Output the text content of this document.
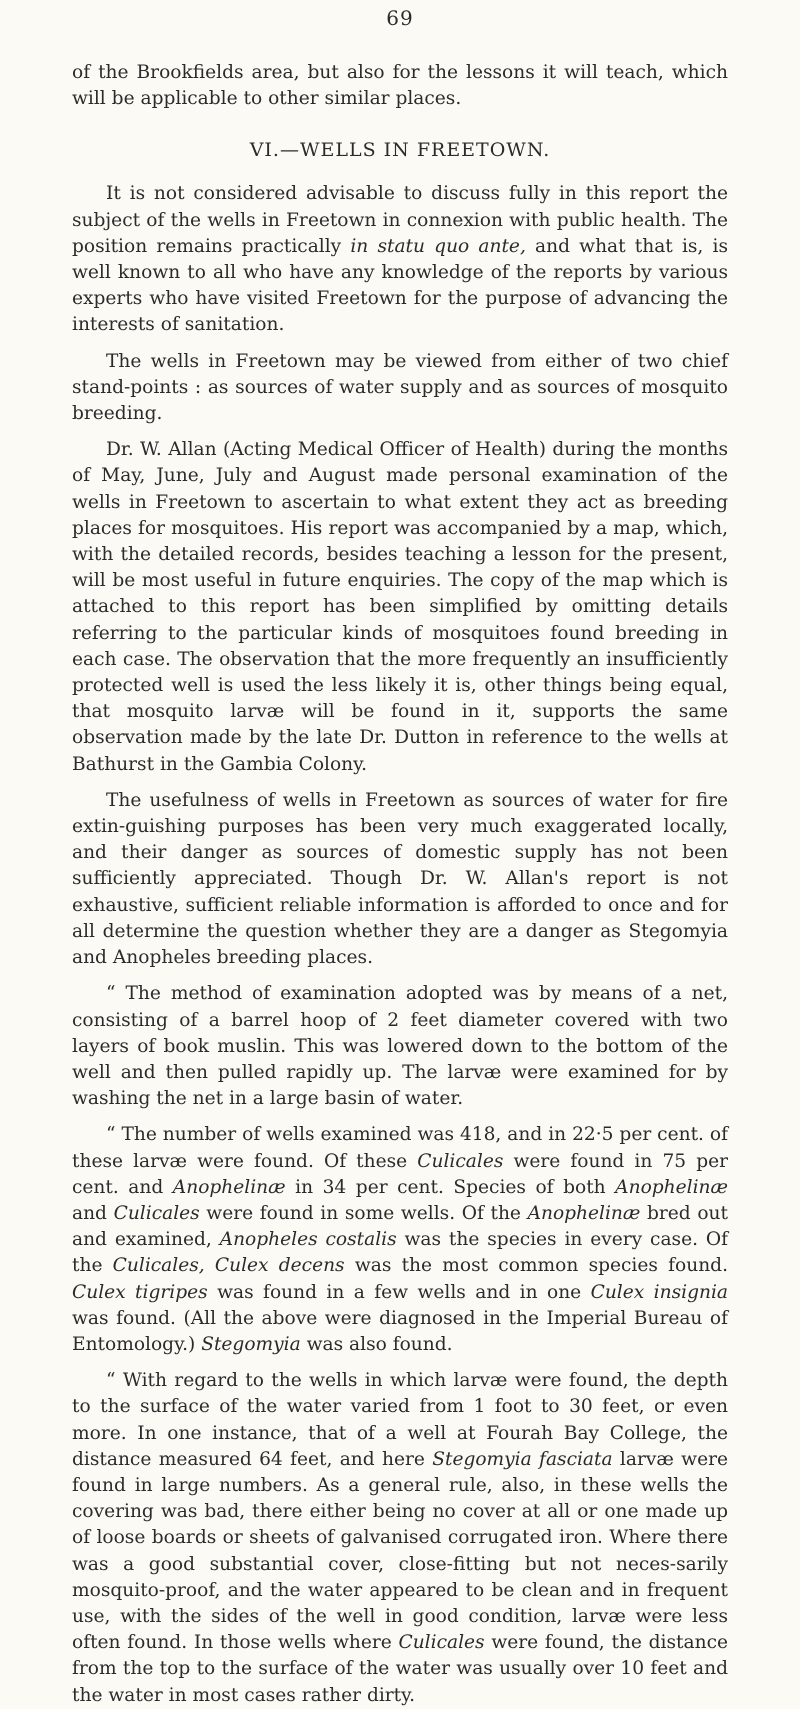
69

of the Brookfields area, but also for the lessons it will teach, which will be applicable to other similar places.

VI.—WELLS IN FREETOWN.

It is not considered advisable to discuss fully in this report the subject of the wells in Freetown in connexion with public health. The position remains practically in statu quo ante, and what that is, is well known to all who have any knowledge of the reports by various experts who have visited Freetown for the purpose of advancing the interests of sanitation.

The wells in Freetown may be viewed from either of two chief stand-points : as sources of water supply and as sources of mosquito breeding.

Dr. W. Allan (Acting Medical Officer of Health) during the months of May, June, July and August made personal examination of the wells in Freetown to ascertain to what extent they act as breeding places for mosquitoes. His report was accompanied by a map, which, with the detailed records, besides teaching a lesson for the present, will be most useful in future enquiries. The copy of the map which is attached to this report has been simplified by omitting details referring to the particular kinds of mosquitoes found breeding in each case. The observation that the more frequently an insufficiently protected well is used the less likely it is, other things being equal, that mosquito larvæ will be found in it, supports the same observation made by the late Dr. Dutton in reference to the wells at Bathurst in the Gambia Colony.

The usefulness of wells in Freetown as sources of water for fire extin-guishing purposes has been very much exaggerated locally, and their danger as sources of domestic supply has not been sufficiently appreciated. Though Dr. W. Allan's report is not exhaustive, sufficient reliable information is afforded to once and for all determine the question whether they are a danger as Stegomyia and Anopheles breeding places.

“ The method of examination adopted was by means of a net, consisting of a barrel hoop of 2 feet diameter covered with two layers of book muslin. This was lowered down to the bottom of the well and then pulled rapidly up. The larvæ were examined for by washing the net in a large basin of water.

“ The number of wells examined was 418, and in 22·5 per cent. of these larvæ were found. Of these Culicales were found in 75 per cent. and Anophelinæ in 34 per cent. Species of both Anophelinæ and Culicales were found in some wells. Of the Anophelinæ bred out and examined, Anopheles costalis was the species in every case. Of the Culicales, Culex decens was the most common species found. Culex tigripes was found in a few wells and in one Culex insignia was found. (All the above were diagnosed in the Imperial Bureau of Entomology.) Stegomyia was also found.

“ With regard to the wells in which larvæ were found, the depth to the surface of the water varied from 1 foot to 30 feet, or even more. In one instance, that of a well at Fourah Bay College, the distance measured 64 feet, and here Stegomyia fasciata larvæ were found in large numbers. As a general rule, also, in these wells the covering was bad, there either being no cover at all or one made up of loose boards or sheets of galvanised corrugated iron. Where there was a good substantial cover, close-fitting but not neces-sarily mosquito-proof, and the water appeared to be clean and in frequent use, with the sides of the well in good condition, larvæ were less often found. In those wells where Culicales were found, the distance from the top to the surface of the water was usually over 10 feet and the water in most cases rather dirty.
